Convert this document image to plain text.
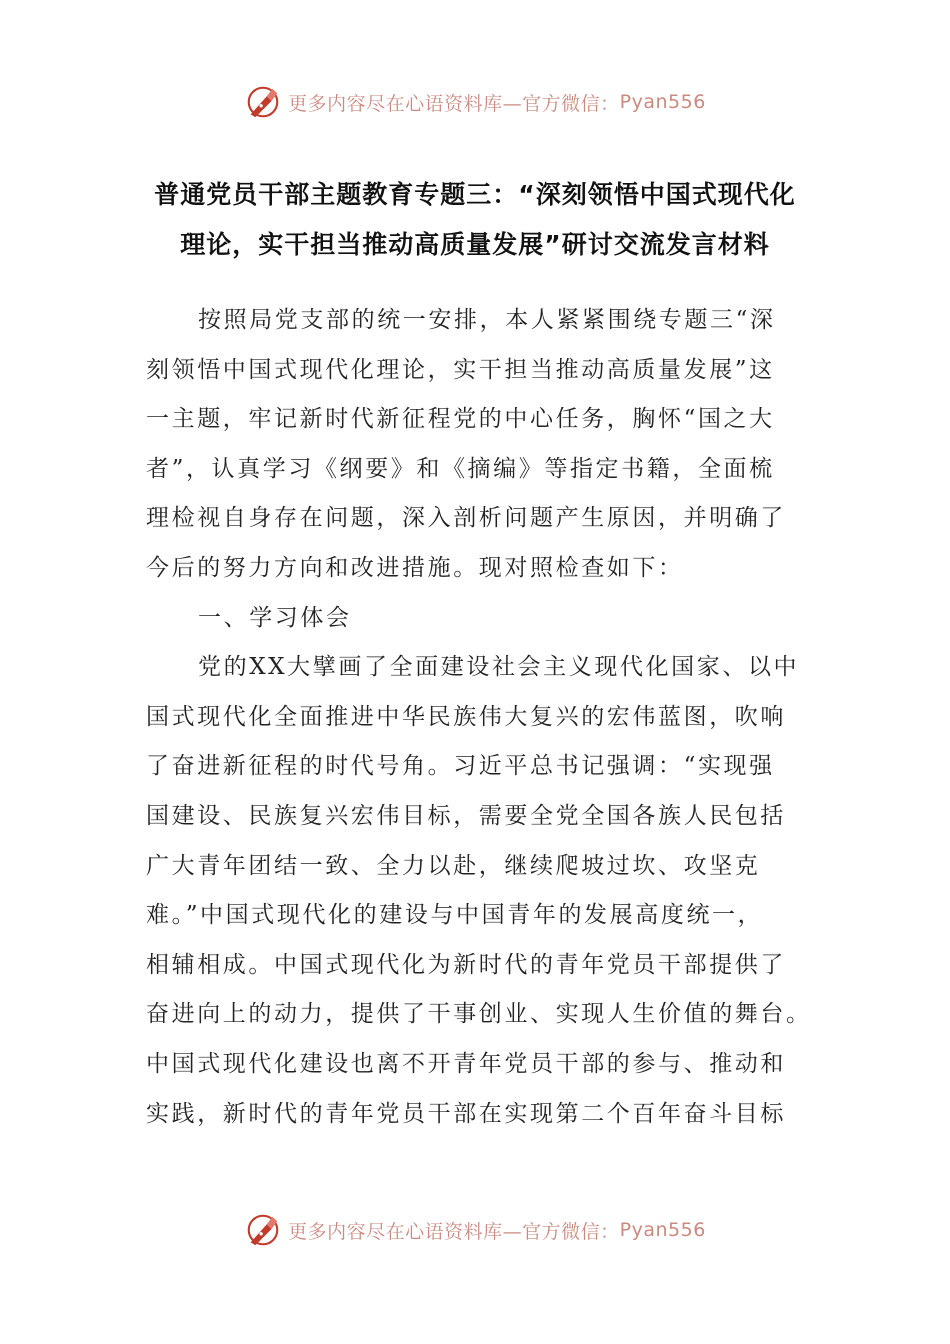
更多内容尽在心语资料库—官方微信： Pyan556
普通党员干部主题教育专题三：“深刻领悟中国式现代化
理论，实干担当推动高质量发展”研讨交流发言材料
按照局党支部的统一安排，本人紧紧围绕专题三“深
刻领悟中国式现代化理论，实干担当推动高质量发展”这
一主题，牢记新时代新征程党的中心任务，胸怀“国之大
者”，认真学习《纲要》和《摘编》等指定书籍，全面梳
理检视自身存在问题，深入剖析问题产生原因，并明确了
今后的努力方向和改进措施。现对照检查如下：
一、学习体会
党的XX大擘画了全面建设社会主义现代化国家、以中
国式现代化全面推进中华民族伟大复兴的宏伟蓝图，吹响
了奋进新征程的时代号角。习近平总书记强调：“实现强
国建设、民族复兴宏伟目标，需要全党全国各族人民包括
广大青年团结一致、全力以赴，继续爬坡过坎、攻坚克
难。”中国式现代化的建设与中国青年的发展高度统一，
相辅相成。中国式现代化为新时代的青年党员干部提供了
奋进向上的动力，提供了干事创业、实现人生价值的舞台。
中国式现代化建设也离不开青年党员干部的参与、推动和
实践，新时代的青年党员干部在实现第二个百年奋斗目标
更多内容尽在心语资料库—官方微信： Pyan556
